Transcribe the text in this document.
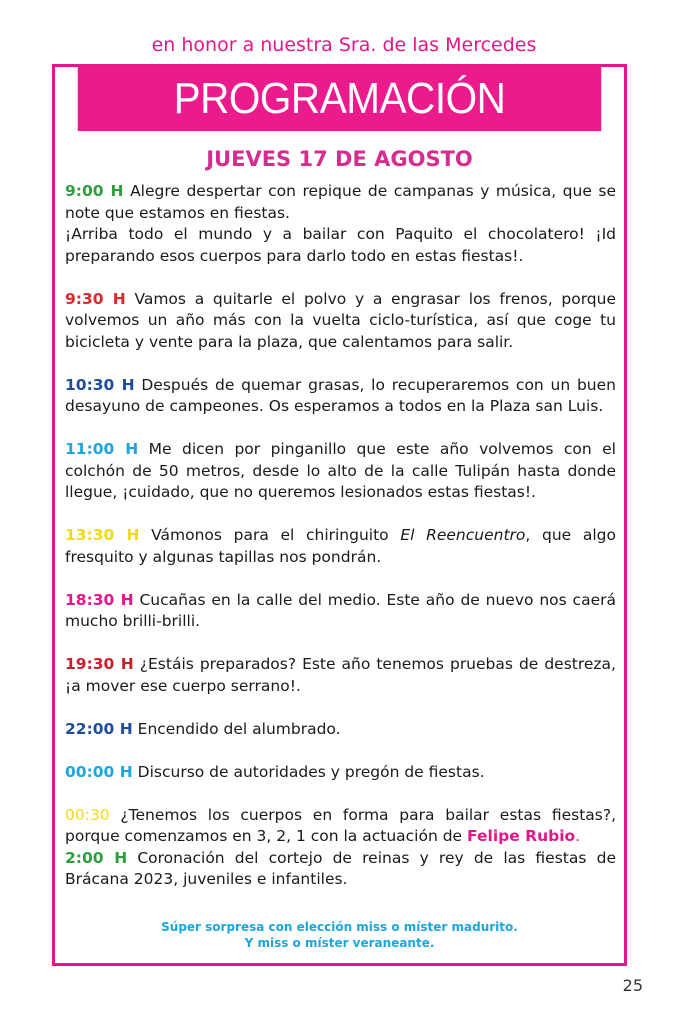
en honor a nuestra Sra. de las Mercedes
PROGRAMACIÓN
JUEVES 17 DE AGOSTO

9:00 H Alegre despertar con repique de campanas y música, que se note que estamos en fiestas.

¡Arriba todo el mundo y a bailar con Paquito el chocolatero! ¡Id preparando esos cuerpos para darlo todo en estas fiestas!.

9:30 H Vamos a quitarle el polvo y a engrasar los frenos, porque volvemos un año más con la vuelta ciclo-turística, así que coge tu bicicleta y vente para la plaza, que calentamos para salir.

10:30 H Después de quemar grasas, lo recuperaremos con un buen desayuno de campeones. Os esperamos a todos en la Plaza san Luis.

11:00 H Me dicen por pinganillo que este año volvemos con el colchón de 50 metros, desde lo alto de la calle Tulipán hasta donde llegue, ¡cuidado, que no queremos lesionados estas fiestas!.

13:30 H Vámonos para el chiringuito El Reencuentro, que algo fresquito y algunas tapillas nos pondrán.

18:30 H Cucañas en la calle del medio. Este año de nuevo nos caerá mucho brilli-brilli.

19:30 H ¿Estáis preparados? Este año tenemos pruebas de destreza, ¡a mover ese cuerpo serrano!.

22:00 H Encendido del alumbrado.

00:00 H Discurso de autoridades y pregón de fiestas.

00:30 ¿Tenemos los cuerpos en forma para bailar estas fiestas?, porque comenzamos en 3, 2, 1 con la actuación de Felipe Rubio.

2:00 H Coronación del cortejo de reinas y rey de las fiestas de Brácana 2023, juveniles e infantiles.

Súper sorpresa con elección miss o míster madurito.
Y miss o míster veraneante.
25
